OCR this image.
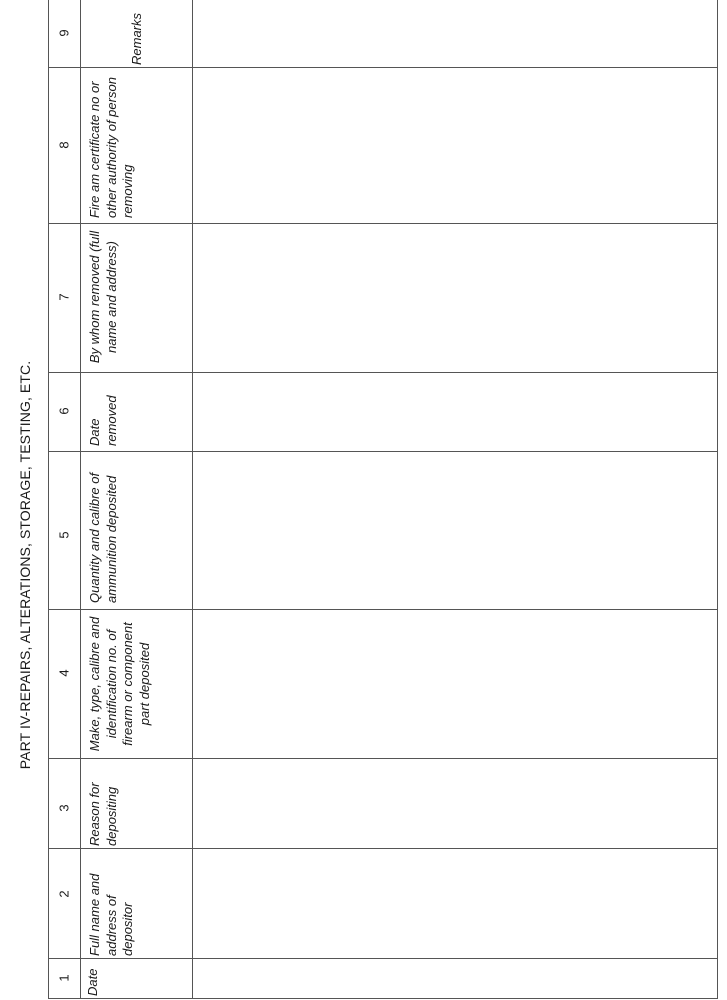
PART IV-REPAIRS, ALTERATIONS, STORAGE, TESTING, ETC.
9
8
7
6
5
4
3
2
1
Remarks
Fire am certificate no or other authority of person removing
By whom removed (full name and address)
Date removed
Quantity and calibre of ammunition deposited
Make, type, calibre and identification no. of firearm or component part deposited
Reason for depositing
Full name and address of depositor
Date
